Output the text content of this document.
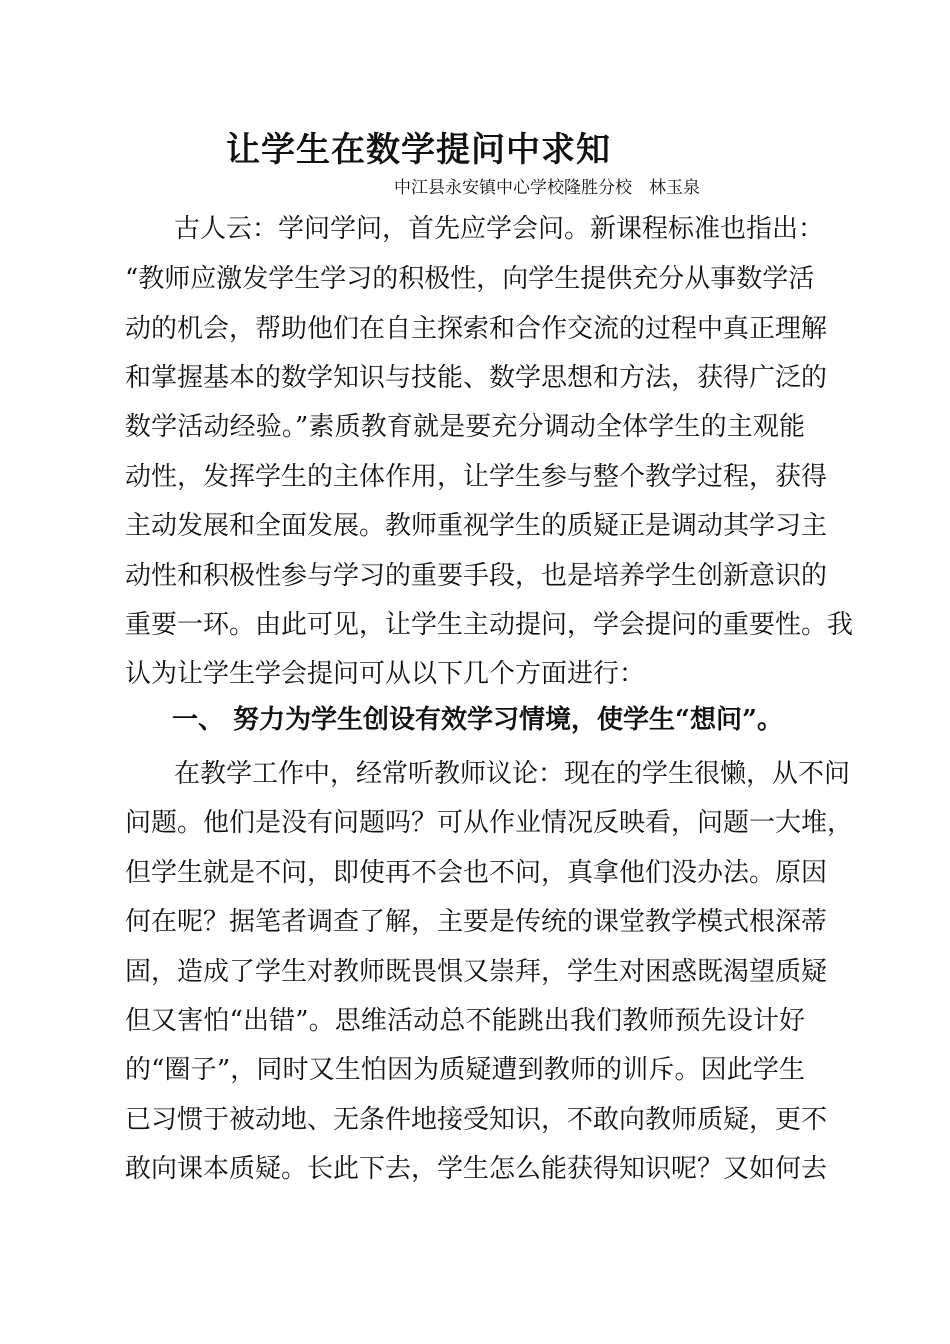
让学生在数学提问中求知
中江县永安镇中心学校隆胜分校　林玉泉
古人云：学问学问，首先应学会问。新课程标准也指出：
“教师应激发学生学习的积极性，向学生提供充分从事数学活
动的机会，帮助他们在自主探索和合作交流的过程中真正理解
和掌握基本的数学知识与技能、数学思想和方法，获得广泛的
数学活动经验。”素质教育就是要充分调动全体学生的主观能
动性，发挥学生的主体作用，让学生参与整个教学过程，获得
主动发展和全面发展。教师重视学生的质疑正是调动其学习主
动性和积极性参与学习的重要手段，也是培养学生创新意识的
重要一环。由此可见，让学生主动提问，学会提问的重要性。我
认为让学生学会提问可从以下几个方面进行：
一、 努力为学生创设有效学习情境，使学生“想问”。
在教学工作中，经常听教师议论：现在的学生很懒，从不问
问题。他们是没有问题吗？可从作业情况反映看，问题一大堆，
但学生就是不问，即使再不会也不问，真拿他们没办法。原因
何在呢？据笔者调查了解，主要是传统的课堂教学模式根深蒂
固，造成了学生对教师既畏惧又崇拜，学生对困惑既渴望质疑
但又害怕“出错”。思维活动总不能跳出我们教师预先设计好
的“圈子”，同时又生怕因为质疑遭到教师的训斥。因此学生
已习惯于被动地、无条件地接受知识，不敢向教师质疑，更不
敢向课本质疑。长此下去，学生怎么能获得知识呢？又如何去
